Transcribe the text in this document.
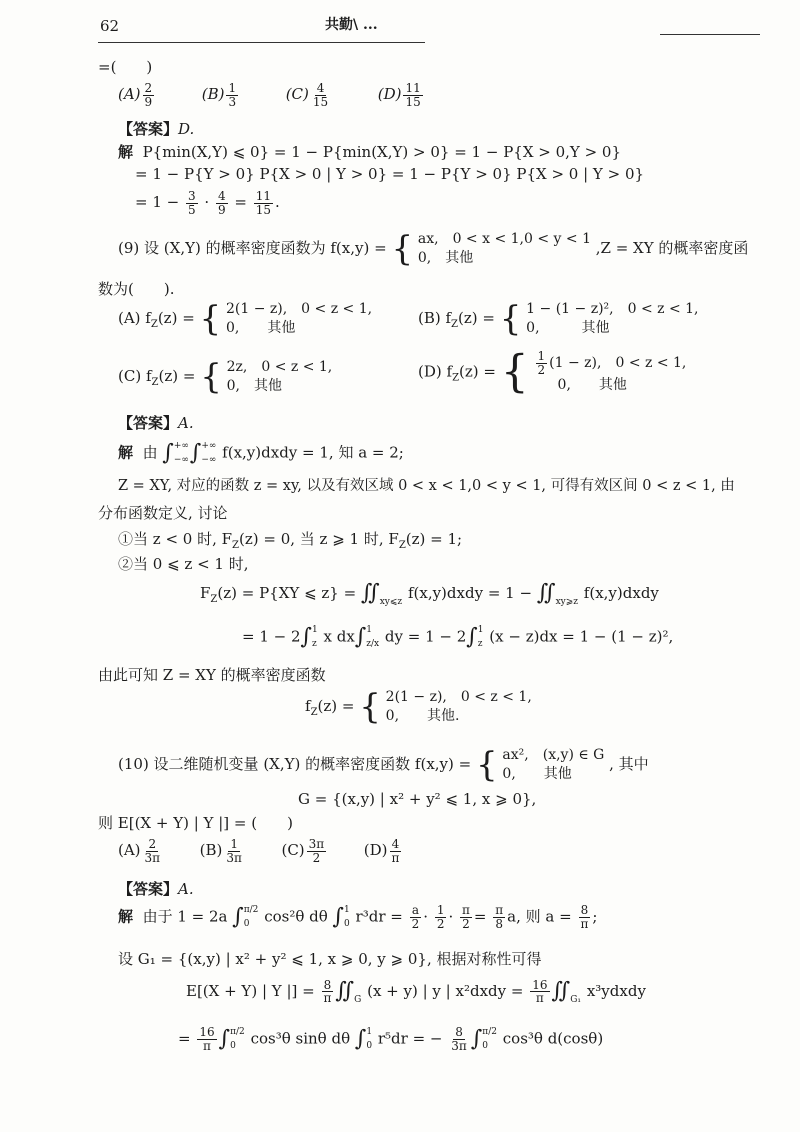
62	共勤\ ...
=(　　)
$(A) \frac{2}{9}$	$(B) \frac{1}{3}$	$(C) \frac{4}{15}$	$(D) \frac{11}{15}$
【答案】D.
解 P{min(X,Y) ⩽ 0} = 1 − P{min(X,Y) > 0} = 1 − P{X > 0,Y > 0}
= 1 − P{Y > 0} P{X > 0 | Y > 0} = 1 − P{Y > 0} P{X > 0 | Y > 0}
= $1 - \frac{3}{5} \cdot \frac{4}{9} = \frac{11}{15}$ .
(9) 设 (X,Y) 的概率密度函数为 f(x,y) = { ax,　0 < x < 1,0 < y < 1
0,　其他 ,Z = XY 的概率密度函
数为(　　).
(A) $f_Z(z)$ = { 2(1 − z),　0 < z < 1,
0,　　其他
(B) $f_Z(z)$ = { 1 − (1 − z)²,　0 < z < 1,
0,　　　其他
(C) $f_Z(z)$ = { 2z,　0 < z < 1,
0,　其他
(D) $f_Z(z)$ = { $\frac{1}{2} (1 - z)$,　0 < z < 1,
0,　　其他
【答案】A.
解 由 ∫ +∞
−∞ ∫ +∞
−∞ f(x,y)dxdy = 1, 知 a = 2;
Z = XY, 对应的函数 z = xy, 以及有效区域 0 < x < 1,0 < y < 1, 可得有效区间 0 < z < 1, 由
分布函数定义, 讨论
①当 z < 0 时, $F_Z(z) = 0$, 当 z ⩾ 1 时, $F_Z(z) = 1$;
②当 0 ⩽ z < 1 时,
$F_Z(z) = P\{XY$ ⩽ z} = ∬ xy⩽z
f(x,y)dxdy = 1 − ∬ xy⩾z
f(x,y)dxdy
= 1 − 2∫ 1
z x dx∫ 1
z/x dy = 1 − 2∫ 1
z (x − z)dx = 1 − (1 − z)²,
由此可知 Z = XY 的概率密度函数
$f_Z(z)$ = { 2(1 − z),　0 < z < 1,
0,　　其他.
(10) 设二维随机变量 (X,Y) 的概率密度函数 f(x,y) = { ax²,　(x,y) ∈ G
0,　　其他 , 其中
G = {(x,y) | x² + y² ⩽ 1, x ⩾ 0},
则 E[(X + Y) | Y |] = (　　)
$(A) \frac{2}{3\pi}$	$(B) \frac{1}{3\pi}$	$(C) \frac{3\pi}{2}$	$(D) \frac{4}{\pi}$
【答案】A.
解 由于 1 = 2a ∫ π/2
0 cos²θ dθ ∫ 1
0 $r^3dr = \frac{a}{2} \cdot \frac{1}{2} \cdot \frac{\pi}{2} = \frac{\pi}{8} a$, 则 $a = \frac{8}{\pi}$ ;
设 G₁ = {(x,y) | x² + y² ⩽ 1, x ⩾ 0, y ⩾ 0}, 根据对称性可得
E[(X + Y) | Y |] = $\frac{8}{\pi}$ ∬ G
(x + y) | y | x²dxdy = $\frac{16}{\pi}$ ∬ G₁
x³ydxdy
= $\frac{16}{\pi}$ ∫ π/2
0 cos³θ sinθ dθ ∫ 1
0 r⁵dr = − $\frac{8}{3\pi}$ ∫ π/2
0 cos³θ d(cosθ)
